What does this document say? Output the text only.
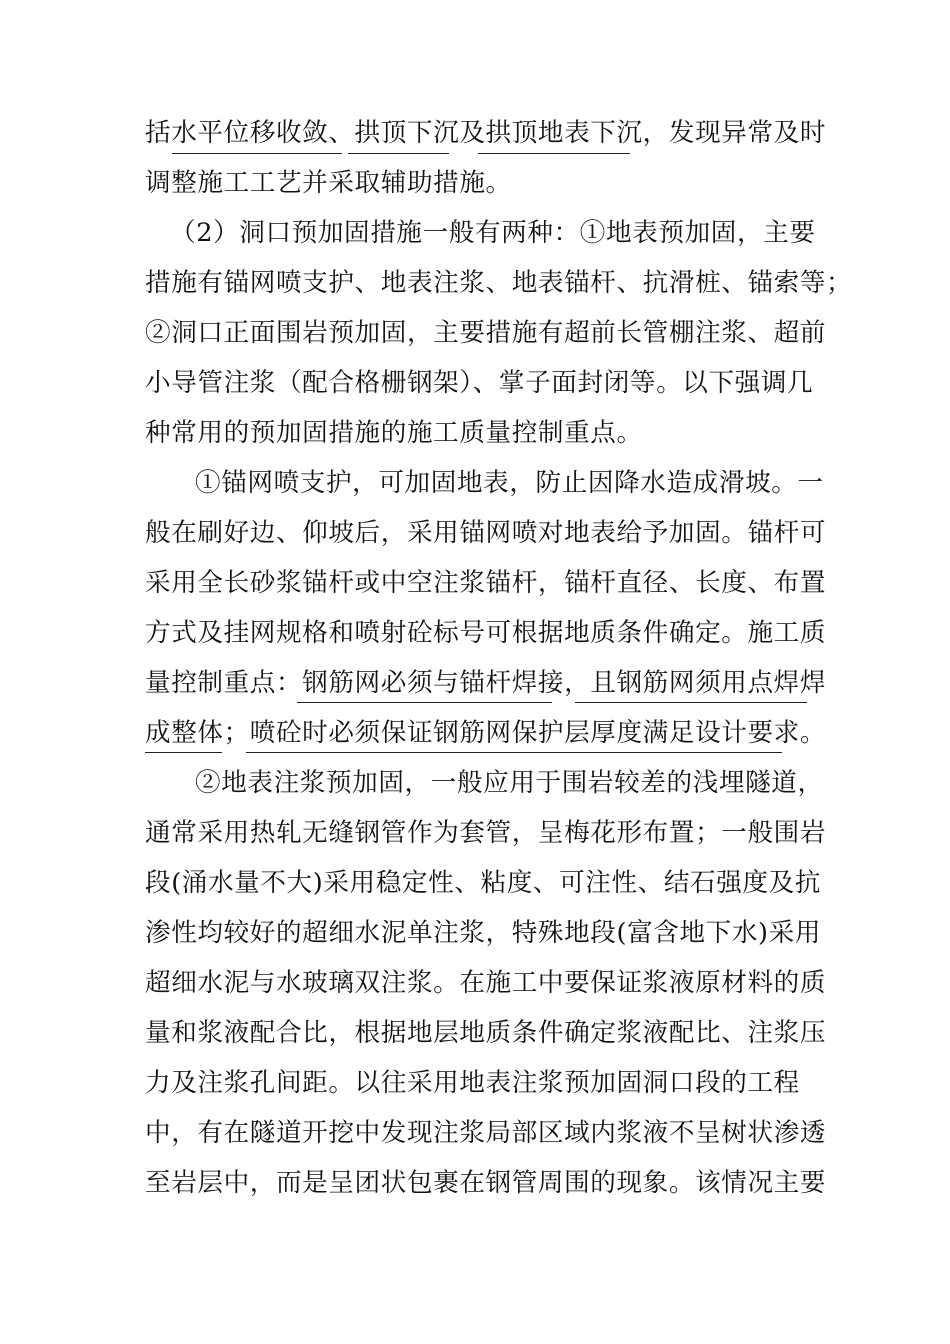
括水平位移收敛、拱顶下沉及拱顶地表下沉，发现异常及时
调整施工工艺并采取辅助措施。
（2）洞口预加固措施一般有两种：①地表预加固，主要
措施有锚网喷支护、地表注浆、地表锚杆、抗滑桩、锚索等；
②洞口正面围岩预加固，主要措施有超前长管棚注浆、超前
小导管注浆（配合格栅钢架）、掌子面封闭等。以下强调几
种常用的预加固措施的施工质量控制重点。
①锚网喷支护，可加固地表，防止因降水造成滑坡。一
般在刷好边、仰坡后，采用锚网喷对地表给予加固。锚杆可
采用全长砂浆锚杆或中空注浆锚杆，锚杆直径、长度、布置
方式及挂网规格和喷射砼标号可根据地质条件确定。施工质
量控制重点：钢筋网必须与锚杆焊接，且钢筋网须用点焊焊
成整体；喷砼时必须保证钢筋网保护层厚度满足设计要求。
②地表注浆预加固，一般应用于围岩较差的浅埋隧道，
通常采用热轧无缝钢管作为套管，呈梅花形布置；一般围岩
段(涌水量不大)采用稳定性、粘度、可注性、结石强度及抗
渗性均较好的超细水泥单注浆，特殊地段(富含地下水)采用
超细水泥与水玻璃双注浆。在施工中要保证浆液原材料的质
量和浆液配合比，根据地层地质条件确定浆液配比、注浆压
力及注浆孔间距。以往采用地表注浆预加固洞口段的工程
中，有在隧道开挖中发现注浆局部区域内浆液不呈树状渗透
至岩层中，而是呈团状包裹在钢管周围的现象。该情况主要
